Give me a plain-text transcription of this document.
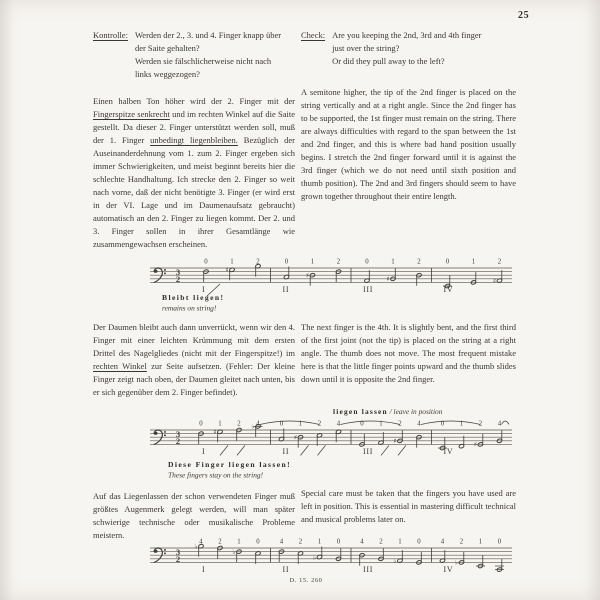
25
Kontrolle: Werden der 2., 3. und 4. Finger knapp über der Saite gehalten?

Werden sie fälschlicherweise nicht nach links weggezogen?

Check: Are you keeping the 2nd, 3rd and 4th finger just over the string?

Or did they pull away to the left?

Einen halben Ton höher wird der 2. Finger mit der Fingerspitze senkrecht und im rechten Winkel auf die Saite gestellt. Da dieser 2. Finger unterstützt werden soll, muß der 1. Finger unbedingt liegenbleiben. Bezüglich der Auseinanderdehnung vom 1. zum 2. Finger ergeben sich immer Schwierigkeiten, und meist beginnt bereits hier die schlechte Handhaltung. Ich strecke den 2. Finger so weit nach vorne, daß der nicht benötigte 3. Finger (er wird erst in der VI. Lage und im Daumenaufsatz gebraucht) automatisch an den 2. Finger zu liegen kommt. Der 2. und 3. Finger sollen in ihrer Gesamtlänge wie zusammengewachsen erscheinen.
A semitone higher, the tip of the 2nd finger is placed on the string vertically and at a right angle. Since the 2nd finger has to be supported, the 1st finger must remain on the string. There are always difficulties with regard to the span between the 1st and 2nd finger, and this is where bad hand position usually begins. I stretch the 2nd finger forward until it is against the 3rd finger (which we do not need until sixth position and thumb position). The 2nd and 3rd fingers should seem to have grown together throughout their entire length.
3
2
0
♯
1	2
I
0
♯
1	2
II
0
♯
1	2
III
0	1
♯
2
IV
Bleibt liegen!
remains on string!
Der Daumen bleibt auch dann unverrückt, wenn wir den 4. Finger mit einer leichten Krümmung mit dem ersten Drittel des Nagelgliedes (nicht mit der Fingerspitze!) im rechten Winkel zur Seite aufsetzen. (Fehler: Der kleine Finger zeigt nach oben, der Daumen gleitet nach unten, bis er sich gegenüber dem 2. Finger befindet).
The next finger is the 4th. It is slightly bent, and the first third of the first joint (not the tip) is placed on the string at a right angle. The thumb does not move. The most frequent mistake here is that the little finger points upward and the thumb slides down until it is opposite the 2nd finger.
3
2
0
♯
1 2 ♭ 4
I
0
♯
1 2 4
II
0 1
♯
2 4
III
0 1
♯
2 4
IV
liegen lassen / leave in position
Diese Finger liegen lassen!
These fingers stay on the string!
Auf das Liegenlassen der schon verwendeten Finger muß größtes Augenmerk gelegt werden, will man später schwierige technische oder musikalische Probleme meistern.
Special care must be taken that the fingers you have used are left in position. This is essential in mastering difficult technical and musical problems later on.
3
2
♭
4 2
♭
1 0
I
4 2
♭
1 0
II
4 2
♭
1 0
III
4
♭
2 1 0
IV
D. 15. 260
